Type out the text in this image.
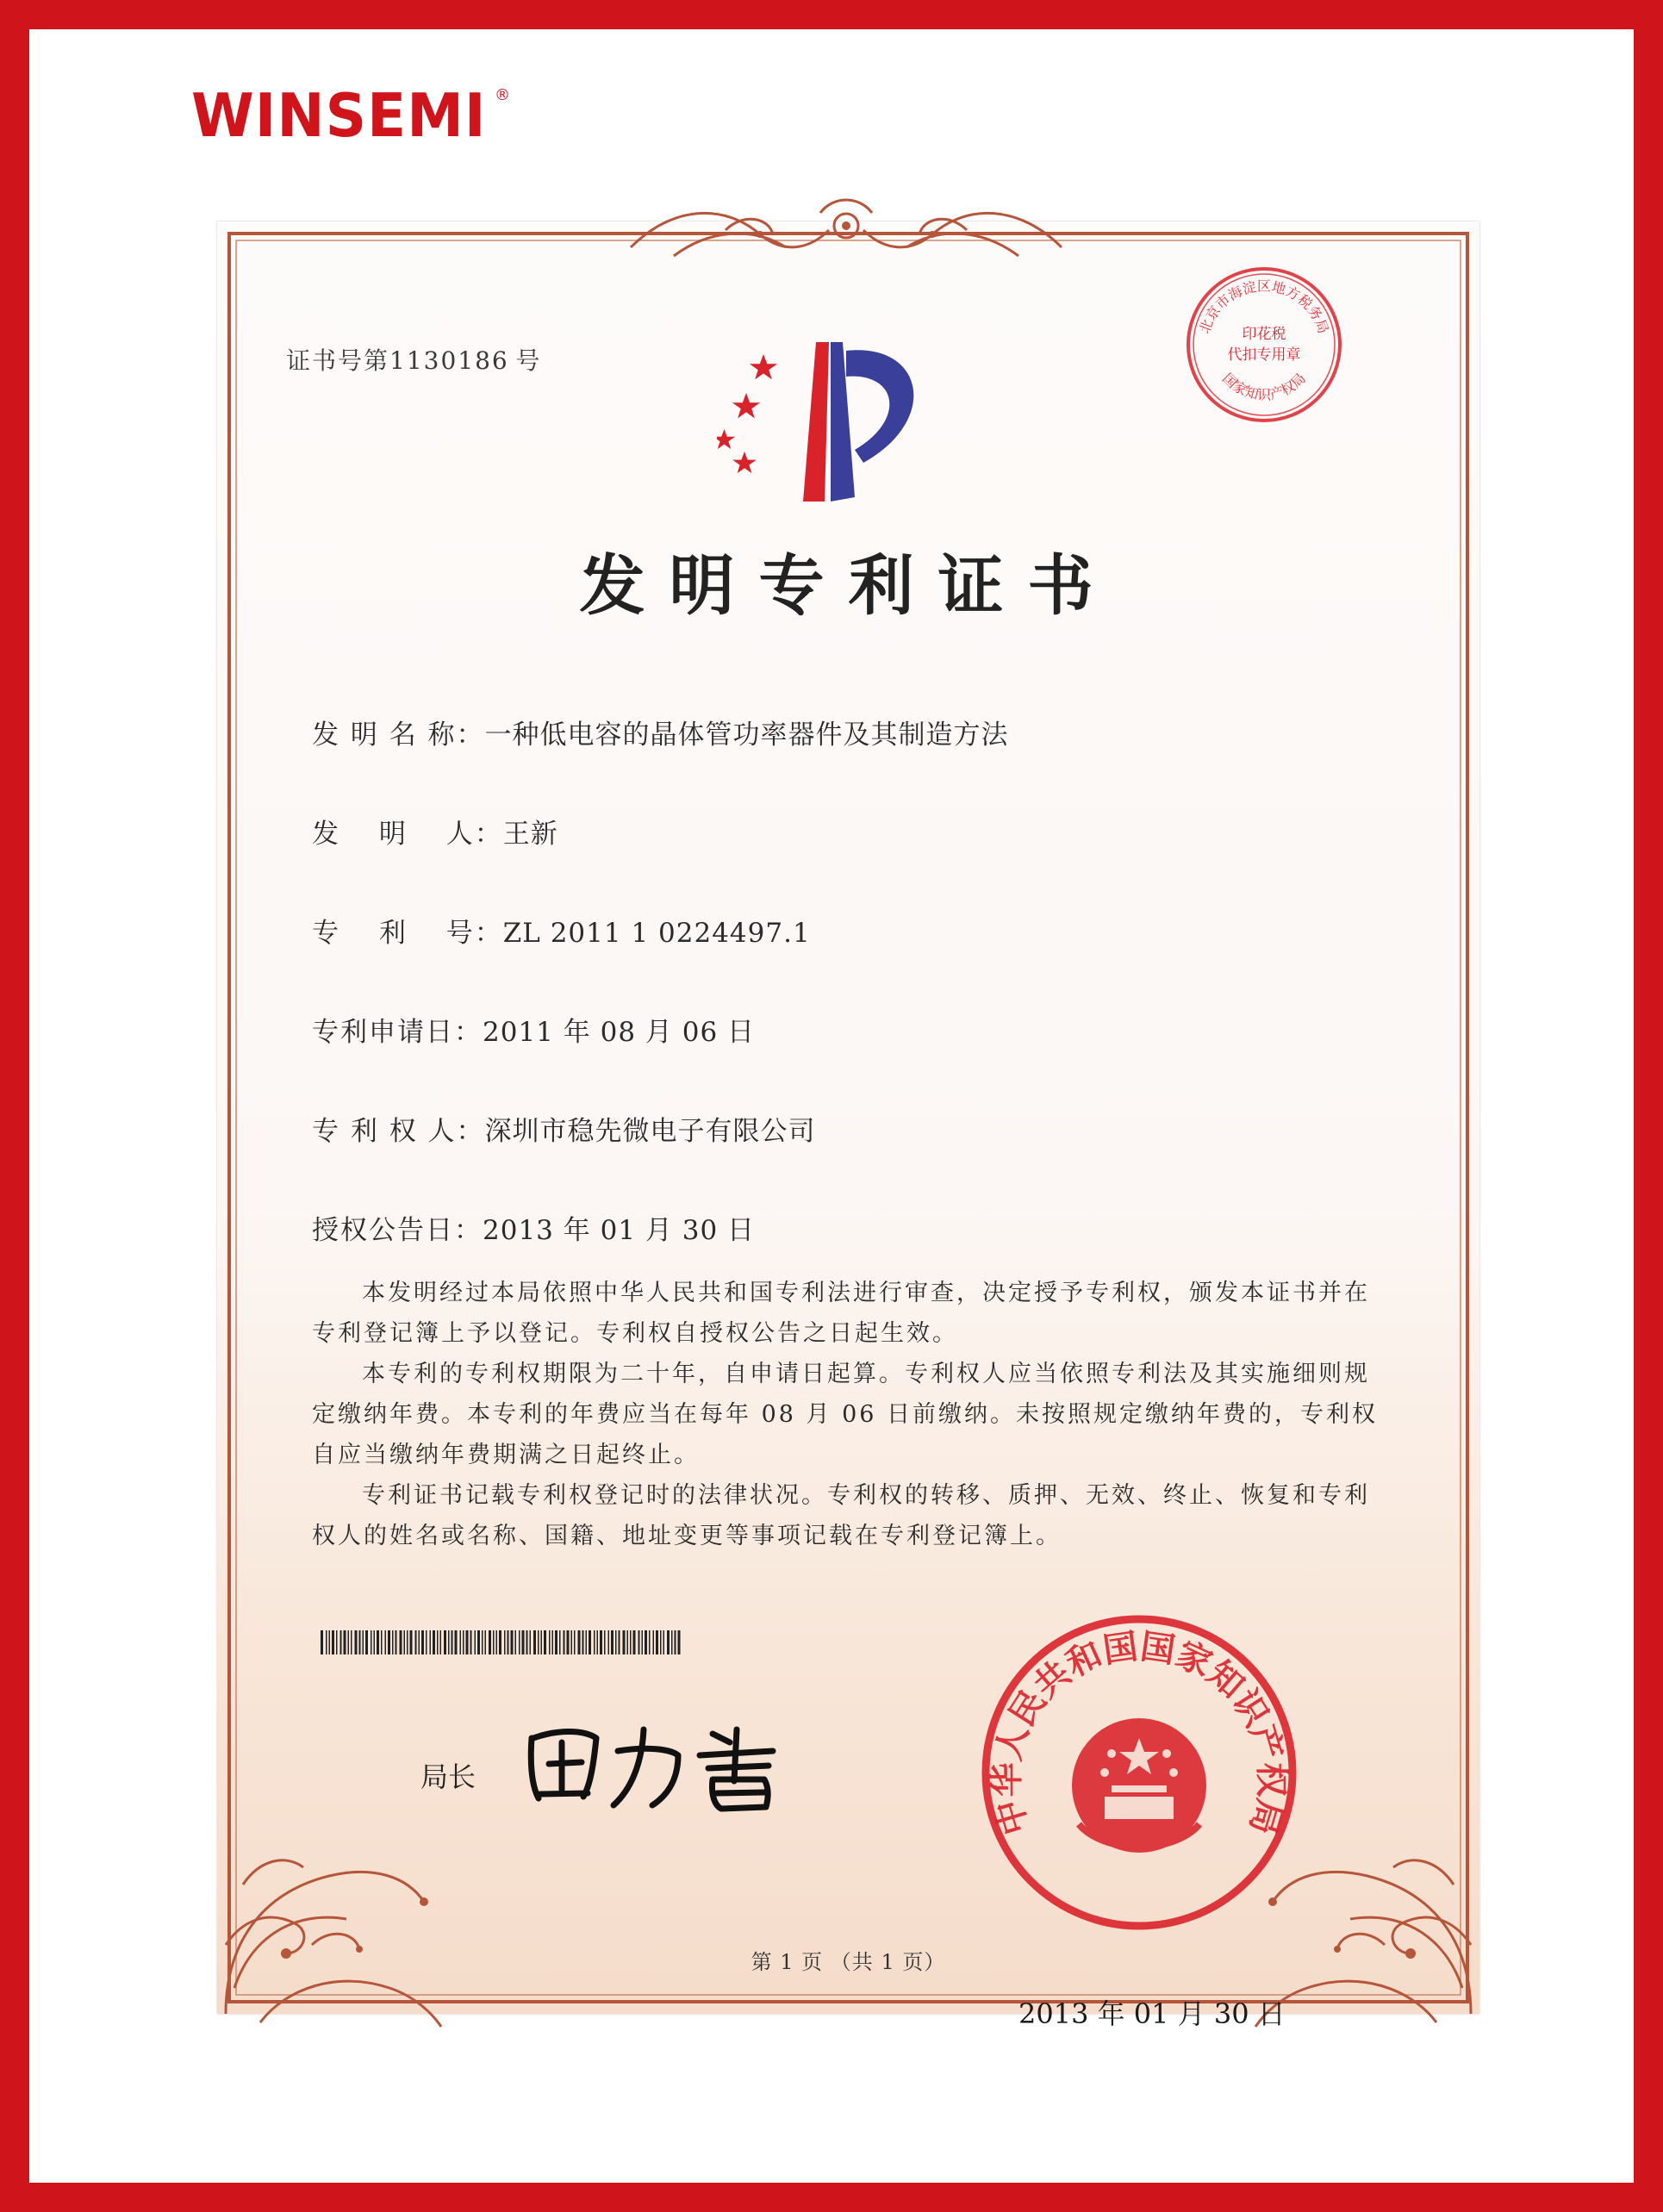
WINSEMI ®
证书号第1130186  号
北京市海淀区地方税务局
国家知识产权局
印花税
代扣专用章
发明专利证书
发 明 名 称：一种低电容的晶体管功率器件及其制造方法
发　 明　 人：王新
专　 利　 号：ZL 2011 1 0224497.1
专利申请日：2011 年 08 月 06 日
专 利 权 人：深圳市稳先微电子有限公司
授权公告日：2013 年 01 月 30 日

本发明经过本局依照中华人民共和国专利法进行审查，决定授予专利权，颁发本证书并在专利登记簿上予以登记。专利权自授权公告之日起生效。

本专利的专利权期限为二十年，自申请日起算。专利权人应当依照专利法及其实施细则规定缴纳年费。本专利的年费应当在每年 08 月 06 日前缴纳。未按照规定缴纳年费的，专利权自应当缴纳年费期满之日起终止。

专利证书记载专利权登记时的法律状况。专利权的转移、质押、无效、终止、恢复和专利权人的姓名或名称、国籍、地址变更等事项记载在专利登记簿上。

局长
中华人民共和国国家知识产权局
2013 年 01 月 30 日
第 1 页 （共 1 页）
